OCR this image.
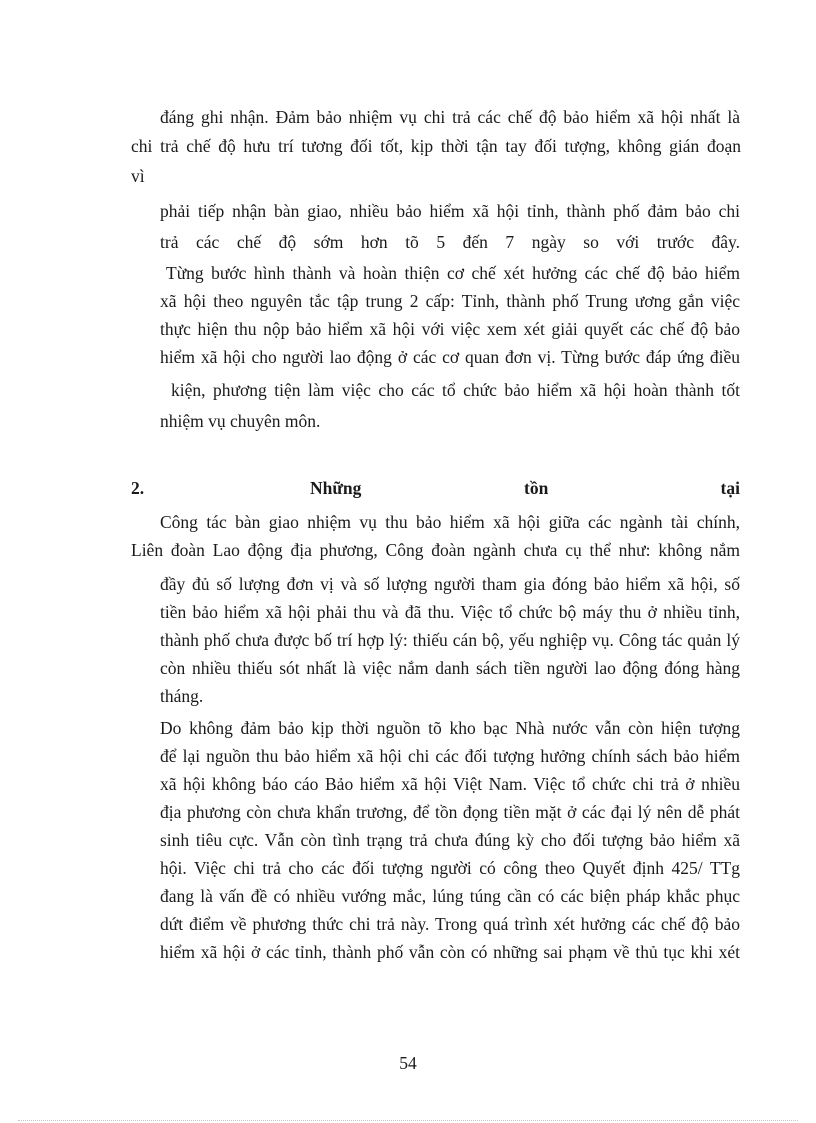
đáng ghi nhận. Đảm bảo nhiệm vụ chi trả các chế độ bảo hiểm xã hội nhất là

chi trả chế độ hưu trí tương đối tốt, kịp thời tận tay đối tượng, không gián đoạn

vì

phải tiếp nhận bàn giao, nhiều bảo hiểm xã hội tỉnh, thành phố đảm bảo chi

trả các chế độ sớm hơn tõ 5 đến 7 ngày so với trước đây.

Từng bước hình thành và hoàn thiện cơ chế xét hưởng các chế độ bảo hiểm

xã hội theo nguyên tắc tập trung 2 cấp: Tỉnh, thành phố Trung ương gắn việc

thực hiện thu nộp bảo hiểm xã hội với việc xem xét giải quyết các chế độ bảo

hiểm xã hội cho người lao động ở các cơ quan đơn vị. Từng bước đáp ứng điều

kiện, phương tiện làm việc cho các tổ chức bảo hiểm xã hội hoàn thành tốt

nhiệm vụ chuyên môn.

2.	Những	tồn	tại

Công tác bàn giao nhiệm vụ thu bảo hiểm xã hội giữa các ngành tài chính,

Liên đoàn Lao động địa phương, Công đoàn ngành chưa cụ thể như: không nắm

đầy đủ số lượng đơn vị và số lượng người tham gia đóng bảo hiểm xã hội, số

tiền bảo hiểm xã hội phải thu và đã thu. Việc tổ chức bộ máy thu ở nhiều tỉnh,

thành phố chưa được bố trí hợp lý: thiếu cán bộ, yếu nghiệp vụ. Công tác quản lý

còn nhiều thiếu sót nhất là việc nắm danh sách tiền người lao động đóng hàng

tháng.

Do không đảm bảo kịp thời nguồn tõ kho bạc Nhà nước vẫn còn hiện tượng

để lại nguồn thu bảo hiểm xã hội chi các đối tượng hưởng chính sách bảo hiểm

xã hội không báo cáo Bảo hiểm xã hội Việt Nam. Việc tổ chức chi trả ở nhiều

địa phương còn chưa khẩn trương, để tồn đọng tiền mặt ở các đại lý nên dễ phát

sinh tiêu cực. Vẫn còn tình trạng trả chưa đúng kỳ cho đối tượng bảo hiểm xã

hội. Việc chi trả cho các đối tượng người có công theo Quyết định 425/ TTg

đang là vấn đề có nhiều vướng mắc, lúng túng cần có các biện pháp khắc phục

dứt điểm về phương thức chi trả này. Trong quá trình xét hưởng các chế độ bảo

hiểm xã hội ở các tỉnh, thành phố vẫn còn có những sai phạm về thủ tục khi xét

54
